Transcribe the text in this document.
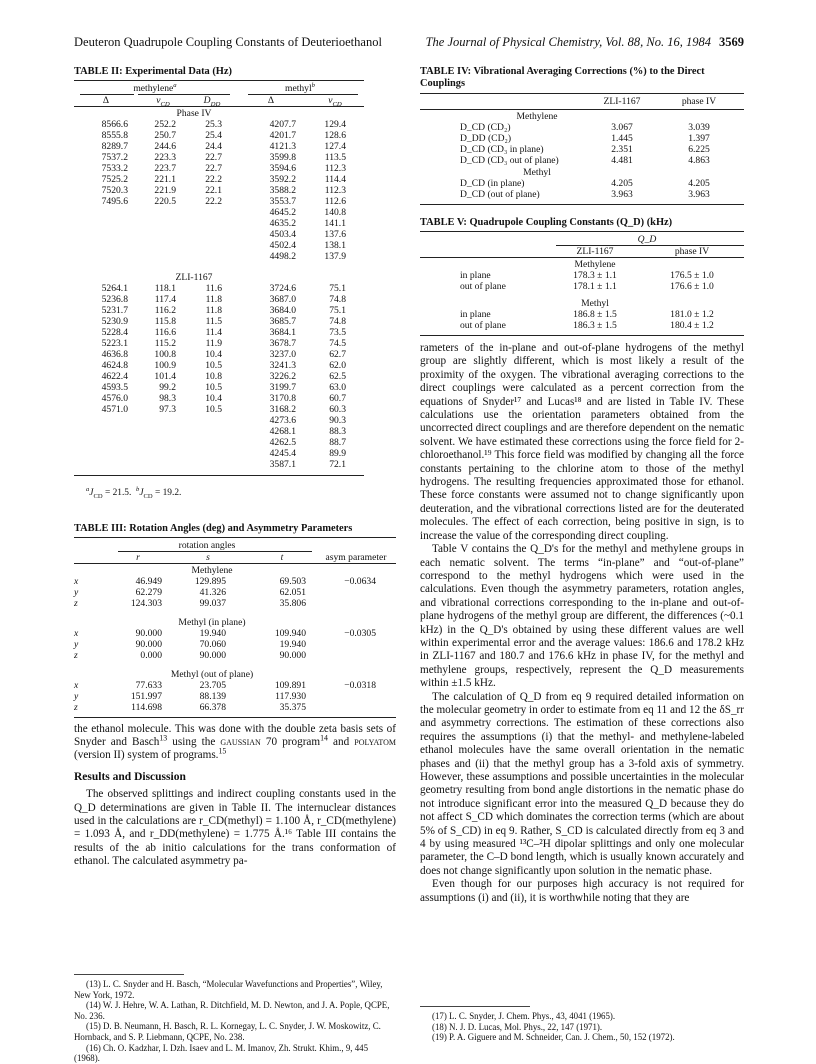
Deuteron Quadrupole Coupling Constants of Deuterioethanol	The Journal of Physical Chemistry, Vol. 88, No. 16, 1984 3569
TABLE II: Experimental Data (Hz)
methylene$^a$			methyl$^b$

Δ	$\nu_{CD}$	$D_{DD}$	Δ	$\nu_{CD}$
Phase IV				
8566.6	252.2	25.3	4207.7	129.4
8555.8	250.7	25.4	4201.7	128.6
8289.7	244.6	24.4	4121.3	127.4
7537.2	223.3	22.7	3599.8	113.5
7533.2	223.7	22.7	3594.6	112.3
7525.2	221.1	22.2	3592.2	114.4
7520.3	221.9	22.1	3588.2	112.3
7495.6	220.5	22.2	3553.7	112.6
			4645.2	140.8
			4635.2	141.1
			4503.4	137.6
			4502.4	138.1
			4498.2	137.9
ZLI-1167				
5264.1	118.1	11.6	3724.6	75.1
5236.8	117.4	11.8	3687.0	74.8
5231.7	116.2	11.8	3684.0	75.1
5230.9	115.8	11.5	3685.7	74.8
5228.4	116.6	11.4	3684.1	73.5
5223.1	115.2	11.9	3678.7	74.5
4636.8	100.8	10.4	3237.0	62.7
4624.8	100.9	10.5	3241.3	62.0
4622.4	101.4	10.8	3226.2	62.5
4593.5	99.2	10.5	3199.7	63.0
4576.0	98.3	10.4	3170.8	60.7
4571.0	97.3	10.5	3168.2	60.3
			4273.6	90.3
			4268.1	88.3
			4262.5	88.7
			4245.4	89.9
			3587.1	72.1

$^aJ_{CD} = 21.5$. $^bJ_{CD} = 19.2$.
TABLE III: Rotation Angles (deg) and Asymmetry Parameters
	rotation angles			

	r	s	t	asym parameter
	Methylene			
x	46.949	129.895	69.503	−0.0634
y	62.279	41.326	62.051	
z	124.303	99.037	35.806	
	Methyl (in plane)			
x	90.000	19.940	109.940	−0.0305
y	90.000	70.060	19.940	
z	0.000	90.000	90.000	
	Methyl (out of plane)			
x	77.633	23.705	109.891	−0.0318
y	151.997	88.139	117.930	
z	114.698	66.378	35.375	

the ethanol molecule. This was done with the double zeta basis sets of Snyder and Basch$^{13}$ using the gaussian 70 program$^{14}$ and polyatom (version II) system of programs.$^{15}$

Results and Discussion

The observed splittings and indirect coupling constants used in the Q_D determinations are given in Table II. The internuclear distances used in the calculations are r_CD(methyl) = 1.100 Å, r_CD(methylene) = 1.093 Å, and r_DD(methylene) = 1.775 Å.¹⁶ Table III contains the results of the ab initio calculations for the trans conformation of ethanol. The calculated asymmetry pa-

(13) L. C. Snyder and H. Basch, “Molecular Wavefunctions and Properties”, Wiley, New York, 1972.
(14) W. J. Hehre, W. A. Lathan, R. Ditchfield, M. D. Newton, and J. A. Pople, QCPE, No. 236.
(15) D. B. Neumann, H. Basch, R. L. Kornegay, L. C. Snyder, J. W. Moskowitz, C. Hornback, and S. P. Liebmann, QCPE, No. 238.
(16) Ch. O. Kadzhar, I. Dzh. Isaev and L. M. Imanov, Zh. Strukt. Khim., 9, 445 (1968).
TABLE IV: Vibrational Averaging Corrections (%) to the Direct Couplings
		ZLI-1167	phase IV
Methylene			
	D_CD (CD₂)	3.067	3.039
	D_DD (CD₂)	1.445	1.397
	D_CD (CD₃ in plane)	2.351	6.225
	D_CD (CD₃ out of plane)	4.481	4.863
Methyl			
	D_CD (in plane)	4.205	4.205
	D_CD (out of plane)	3.963	3.963

TABLE V: Quadrupole Coupling Constants (Q_D) (kHz)
		Q_D	

		ZLI-1167	phase IV
		Methylene	
	in plane	178.3 ± 1.1	176.5 ± 1.0
	out of plane	178.1 ± 1.1	176.6 ± 1.0
		Methyl	
	in plane	186.8 ± 1.5	181.0 ± 1.2
	out of plane	186.3 ± 1.5	180.4 ± 1.2

rameters of the in-plane and out-of-plane hydrogens of the methyl group are slightly different, which is most likely a result of the proximity of the oxygen. The vibrational averaging corrections to the direct couplings were calculated as a percent correction from the equations of Snyder¹⁷ and Lucas¹⁸ and are listed in Table IV. These calculations use the orientation parameters obtained from the uncorrected direct couplings and are therefore dependent on the nematic solvent. We have estimated these corrections using the force field for 2-chloroethanol.¹⁹ This force field was modified by changing all the force constants pertaining to the chlorine atom to those of the methyl hydrogens. The resulting frequencies approximated those for ethanol. These force constants were assumed not to change significantly upon deuteration, and the vibrational corrections listed are for the deuterated molecules. The effect of each correction, being positive in sign, is to increase the value of the corresponding direct coupling.

Table V contains the Q_D's for the methyl and methylene groups in each nematic solvent. The terms “in-plane” and “out-of-plane” correspond to the methyl hydrogens which were used in the calculations. Even though the asymmetry parameters, rotation angles, and vibrational corrections corresponding to the in-plane and out-of-plane hydrogens of the methyl group are different, the differences (~0.1 kHz) in the Q_D's obtained by using these different values are well within experimental error and the average values: 186.6 and 178.2 kHz in ZLI-1167 and 180.7 and 176.6 kHz in phase IV, for the methyl and methylene groups, respectively, represent the Q_D measurements within ±1.5 kHz.

The calculation of Q_D from eq 9 required detailed information on the molecular geometry in order to estimate from eq 11 and 12 the δS_rr and asymmetry corrections. The estimation of these corrections also requires the assumptions (i) that the methyl- and methylene-labeled ethanol molecules have the same overall orientation in the nematic phases and (ii) that the methyl group has a 3-fold axis of symmetry. However, these assumptions and possible uncertainties in the molecular geometry resulting from bond angle distortions in the nematic phase do not introduce significant error into the measured Q_D because they do not affect S_CD which dominates the correction terms (which are about 5% of S_CD) in eq 9. Rather, S_CD is calculated directly from eq 3 and 4 by using measured ¹³C–²H dipolar splittings and only one molecular parameter, the C–D bond length, which is usually known accurately and does not change significantly upon solution in the nematic phase.

Even though for our purposes high accuracy is not required for assumptions (i) and (ii), it is worthwhile noting that they are

(17) L. C. Snyder, J. Chem. Phys., 43, 4041 (1965).
(18) N. J. D. Lucas, Mol. Phys., 22, 147 (1971).
(19) P. A. Giguere and M. Schneider, Can. J. Chem., 50, 152 (1972).
